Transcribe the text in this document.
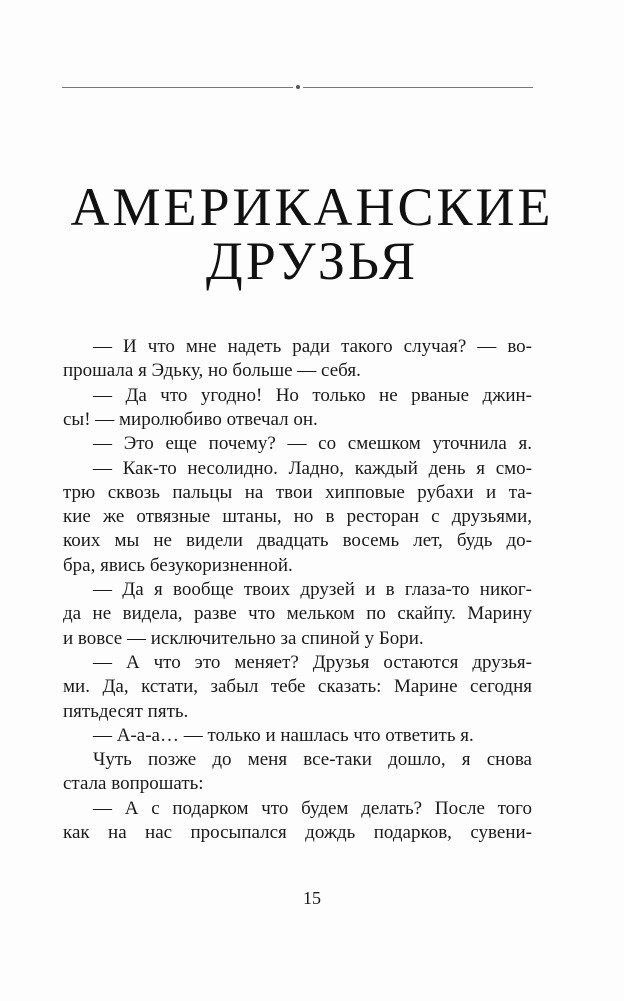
АМЕРИКАНСКИЕ
ДРУЗЬЯ
— И что мне надеть ради такого случая? — во-
прошала я Эдьку, но больше — себя.
— Да что угодно! Но только не рваные джин-
сы! — миролюбиво отвечал он.
— Это еще почему? — со смешком уточнила я.
— Как-то несолидно. Ладно, каждый день я смо-
трю сквозь пальцы на твои хипповые рубахи и та-
кие же отвязные штаны, но в ресторан с друзьями,
коих мы не видели двадцать восемь лет, будь до-
бра, явись безукоризненной.
— Да я вообще твоих друзей и в глаза-то никог-
да не видела, разве что мельком по скайпу. Марину
и вовсе — исключительно за спиной у Бори.
— А что это меняет? Друзья остаются друзья-
ми. Да, кстати, забыл тебе сказать: Марине сегодня
пятьдесят пять.
— А-а-а… — только и нашлась что ответить я.
Чуть позже до меня все-таки дошло, я снова
стала вопрошать:
— А с подарком что будем делать? После того
как на нас просыпался дождь подарков, сувени-
15
